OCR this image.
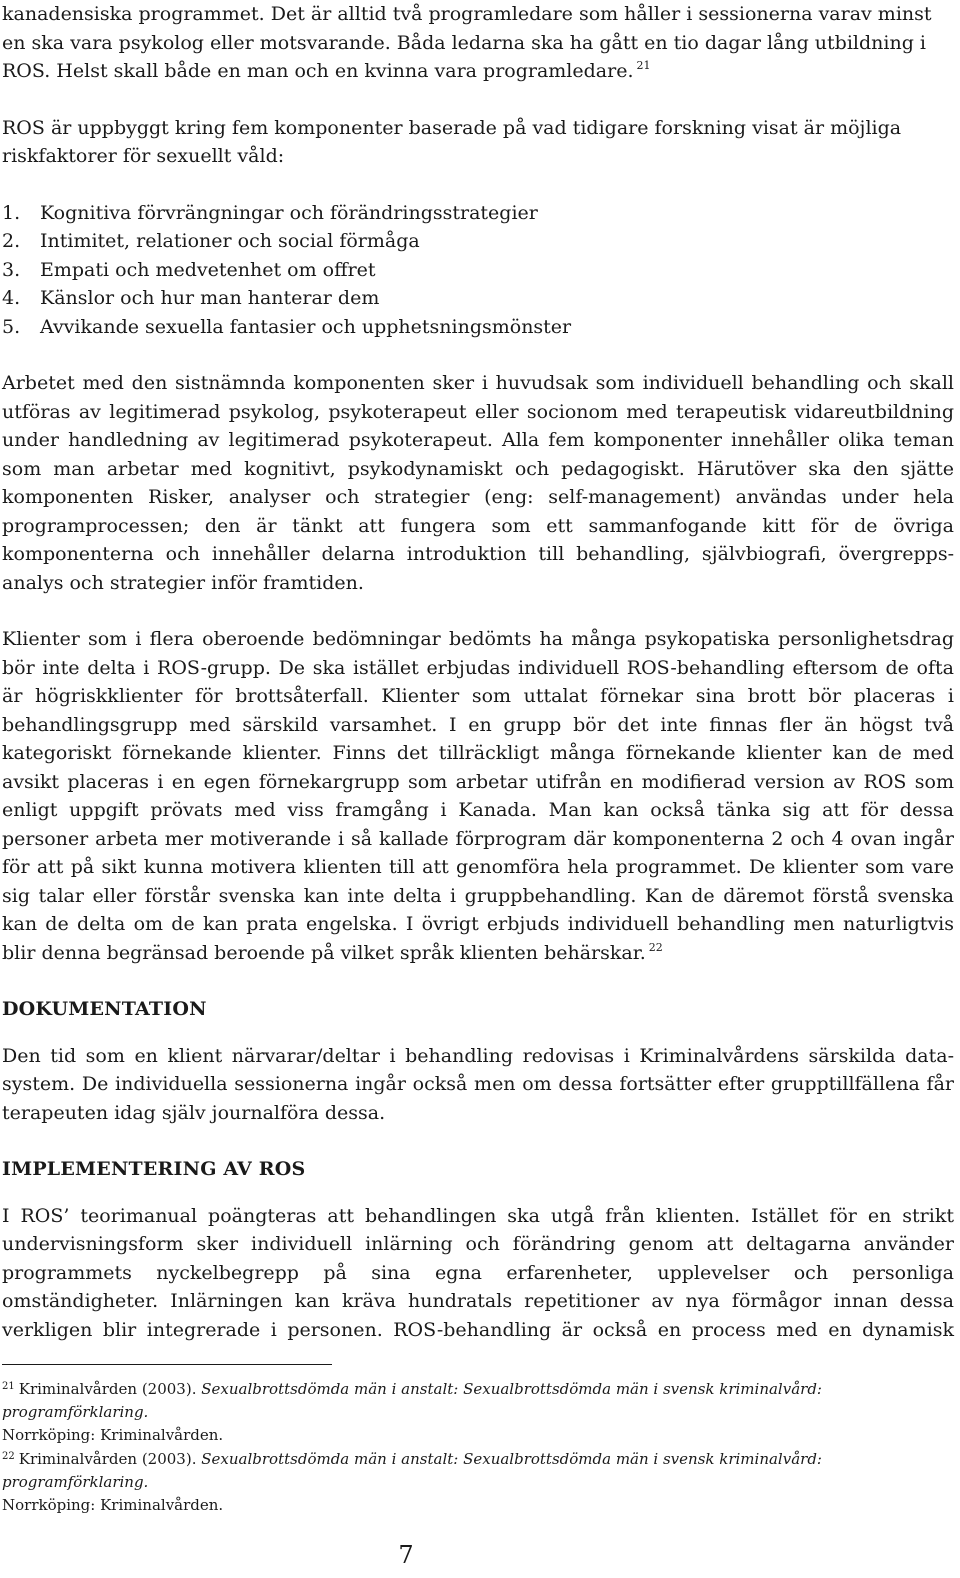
kanadensiska programmet. Det är alltid två programledare som håller i sessionerna varav minst

en ska vara psykolog eller motsvarande. Båda ledarna ska ha gått en tio dagar lång utbildning i

ROS. Helst skall både en man och en kvinna vara programledare. $^{21}$

ROS är uppbyggt kring fem komponenter baserade på vad tidigare forskning visat är möjliga riskfaktorer för sexuellt våld:

1. Kognitiva förvrängningar och förändringsstrategier
2. Intimitet, relationer och social förmåga
3. Empati och medvetenhet om offret
4. Känslor och hur man hanterar dem
5. Avvikande sexuella fantasier och upphetsningsmönster

Arbetet med den sistnämnda komponenten sker i huvudsak som individuell behandling och skall utföras av legitimerad psykolog, psykoterapeut eller socionom med terapeutisk vidareutbildning under handledning av legitimerad psykoterapeut. Alla fem komponenter innehåller olika teman som man arbetar med kognitivt, psykodynamiskt och pedagogiskt. Härutöver ska den sjätte komponenten Risker, analyser och strategier (eng: self-management) användas under hela programprocessen; den är tänkt att fungera som ett sammanfogande kitt för de övriga komponenterna och innehåller delarna introduktion till behandling, självbiografi, övergrepps-analys och strategier inför framtiden.

Klienter som i flera oberoende bedömningar bedömts ha många psykopatiska personlighetsdrag bör inte delta i ROS-grupp. De ska istället erbjudas individuell ROS-behandling eftersom de ofta är högriskklienter för brottsåterfall. Klienter som uttalat förnekar sina brott bör placeras i behandlingsgrupp med särskild varsamhet. I en grupp bör det inte finnas fler än högst två kategoriskt förnekande klienter. Finns det tillräckligt många förnekande klienter kan de med avsikt placeras i en egen förnekargrupp som arbetar utifrån en modifierad version av ROS som enligt uppgift prövats med viss framgång i Kanada. Man kan också tänka sig att för dessa personer arbeta mer motiverande i så kallade förprogram där komponenterna 2 och 4 ovan ingår för att på sikt kunna motivera klienten till att genomföra hela programmet. De klienter som vare sig talar eller förstår svenska kan inte delta i gruppbehandling. Kan de däremot förstå svenska kan de delta om de kan prata engelska. I övrigt erbjuds individuell behandling men naturligtvis blir denna begränsad beroende på vilket språk klienten behärskar. $^{22}$

DOKUMENTATION

Den tid som en klient närvarar/deltar i behandling redovisas i Kriminalvårdens särskilda data-system. De individuella sessionerna ingår också men om dessa fortsätter efter grupptillfällena får terapeuten idag själv journalföra dessa.

IMPLEMENTERING AV ROS

I ROS’ teorimanual poängteras att behandlingen ska utgå från klienten. Istället för en strikt undervisningsform sker individuell inlärning och förändring genom att deltagarna använder programmets nyckelbegrepp på sina egna erfarenheter, upplevelser och personliga omständigheter. Inlärningen kan kräva hundratals repetitioner av nya förmågor innan dessa verkligen blir integrerade i personen. ROS-behandling är också en process med en dynamisk

$^{21}$ Kriminalvården (2003). Sexualbrottsdömda män i anstalt: Sexualbrottsdömda män i svensk kriminalvård: programförklaring.
Norrköping: Kriminalvården.

$^{22}$ Kriminalvården (2003). Sexualbrottsdömda män i anstalt: Sexualbrottsdömda män i svensk kriminalvård: programförklaring.
Norrköping: Kriminalvården.

7
